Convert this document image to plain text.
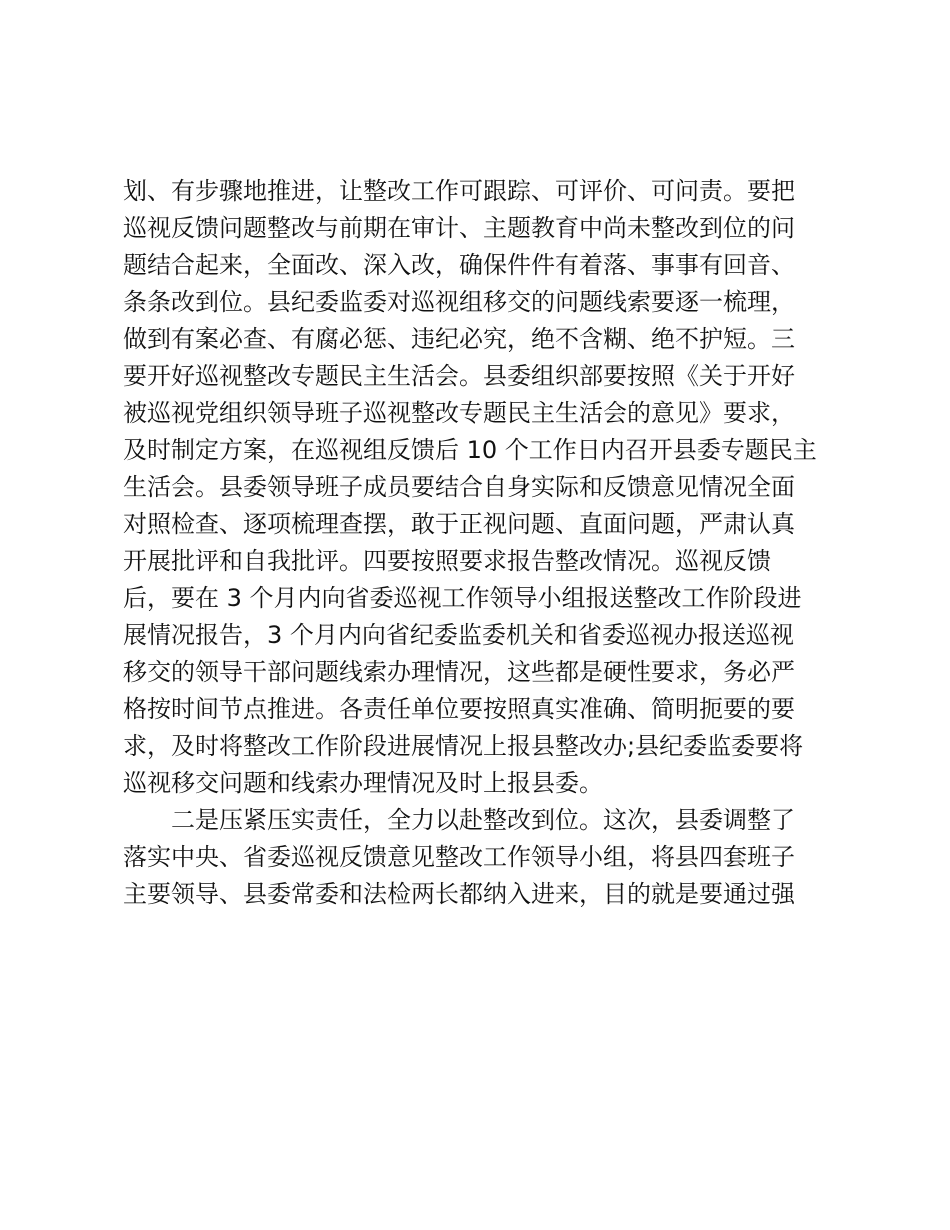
划、有步骤地推进，让整改工作可跟踪、可评价、可问责。要把
巡视反馈问题整改与前期在审计、主题教育中尚未整改到位的问
题结合起来，全面改、深入改，确保件件有着落、事事有回音、
条条改到位。县纪委监委对巡视组移交的问题线索要逐一梳理，
做到有案必查、有腐必惩、违纪必究，绝不含糊、绝不护短。三
要开好巡视整改专题民主生活会。县委组织部要按照《关于开好
被巡视党组织领导班子巡视整改专题民主生活会的意见》要求，
及时制定方案，在巡视组反馈后 10 个工作日内召开县委专题民主
生活会。县委领导班子成员要结合自身实际和反馈意见情况全面
对照检查、逐项梳理查摆，敢于正视问题、直面问题，严肃认真
开展批评和自我批评。四要按照要求报告整改情况。巡视反馈
后，要在 3 个月内向省委巡视工作领导小组报送整改工作阶段进
展情况报告，3 个月内向省纪委监委机关和省委巡视办报送巡视
移交的领导干部问题线索办理情况，这些都是硬性要求，务必严
格按时间节点推进。各责任单位要按照真实准确、简明扼要的要
求，及时将整改工作阶段进展情况上报县整改办;县纪委监委要将
巡视移交问题和线索办理情况及时上报县委。
二是压紧压实责任，全力以赴整改到位。这次，县委调整了
落实中央、省委巡视反馈意见整改工作领导小组，将县四套班子
主要领导、县委常委和法检两长都纳入进来，目的就是要通过强
